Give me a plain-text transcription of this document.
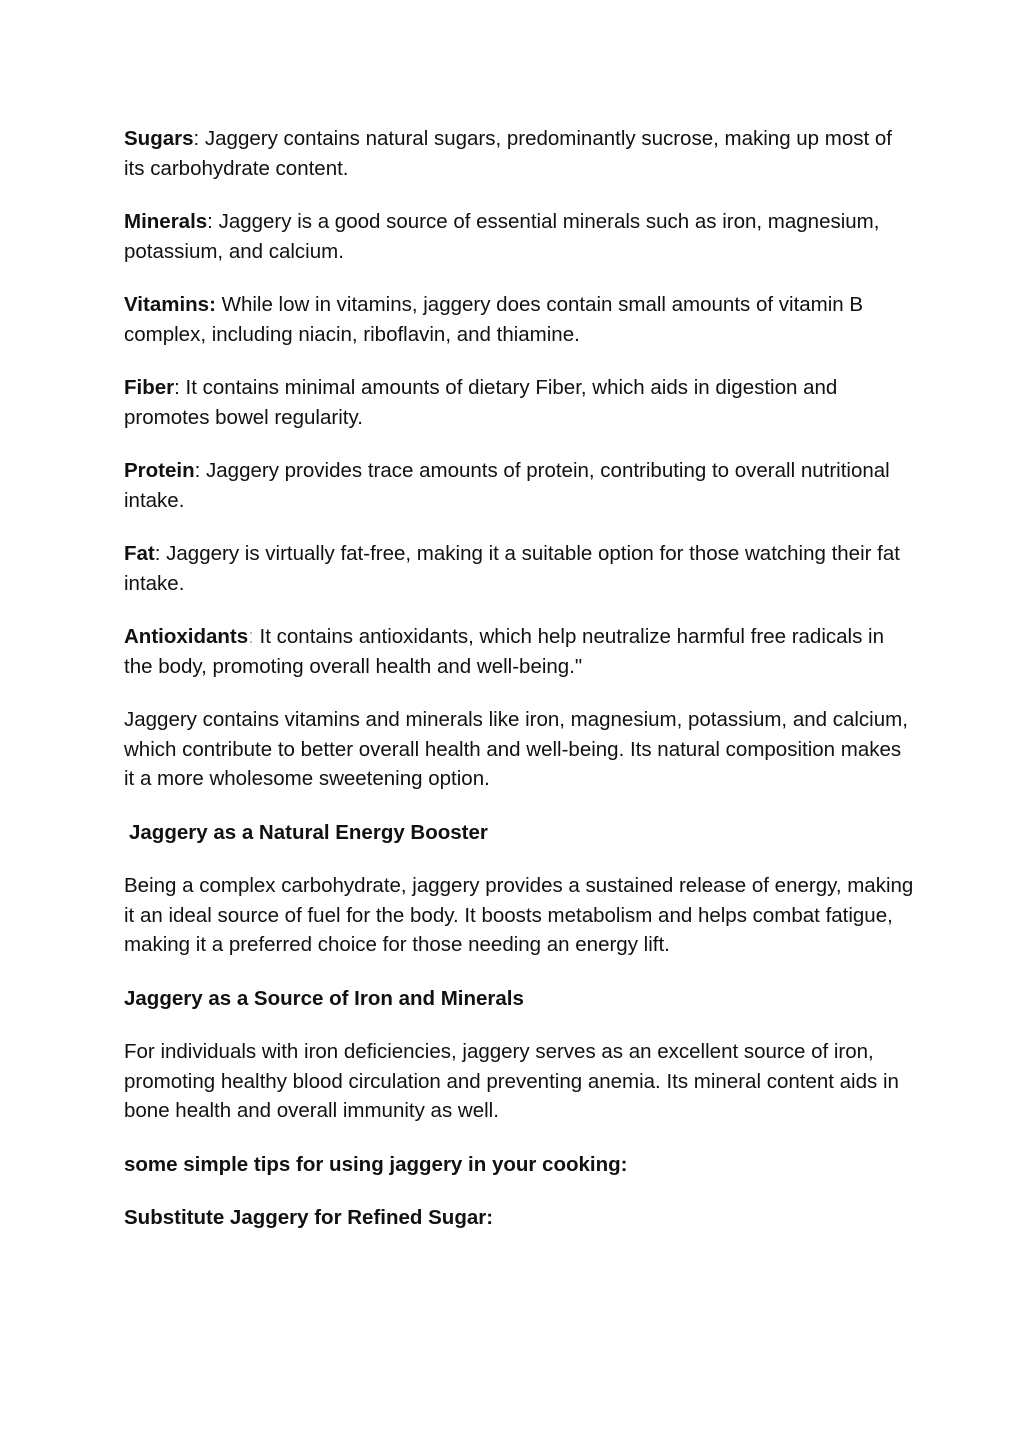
Sugars: Jaggery contains natural sugars, predominantly sucrose, making up most of its carbohydrate content.

Minerals: Jaggery is a good source of essential minerals such as iron, magnesium, potassium, and calcium.

Vitamins: While low in vitamins, jaggery does contain small amounts of vitamin B complex, including niacin, riboflavin, and thiamine.

Fiber: It contains minimal amounts of dietary Fiber, which aids in digestion and promotes bowel regularity.

Protein: Jaggery provides trace amounts of protein, contributing to overall nutritional intake.

Fat: Jaggery is virtually fat-free, making it a suitable option for those watching their fat intake.

Antioxidants: It contains antioxidants, which help neutralize harmful free radicals in the body, promoting overall health and well-being."

Jaggery contains vitamins and minerals like iron, magnesium, potassium, and calcium, which contribute to better overall health and well-being. Its natural composition makes it a more wholesome sweetening option.

Jaggery as a Natural Energy Booster

Being a complex carbohydrate, jaggery provides a sustained release of energy, making it an ideal source of fuel for the body. It boosts metabolism and helps combat fatigue, making it a preferred choice for those needing an energy lift.

Jaggery as a Source of Iron and Minerals

For individuals with iron deficiencies, jaggery serves as an excellent source of iron, promoting healthy blood circulation and preventing anemia. Its mineral content aids in bone health and overall immunity as well.

some simple tips for using jaggery in your cooking:

Substitute Jaggery for Refined Sugar:
